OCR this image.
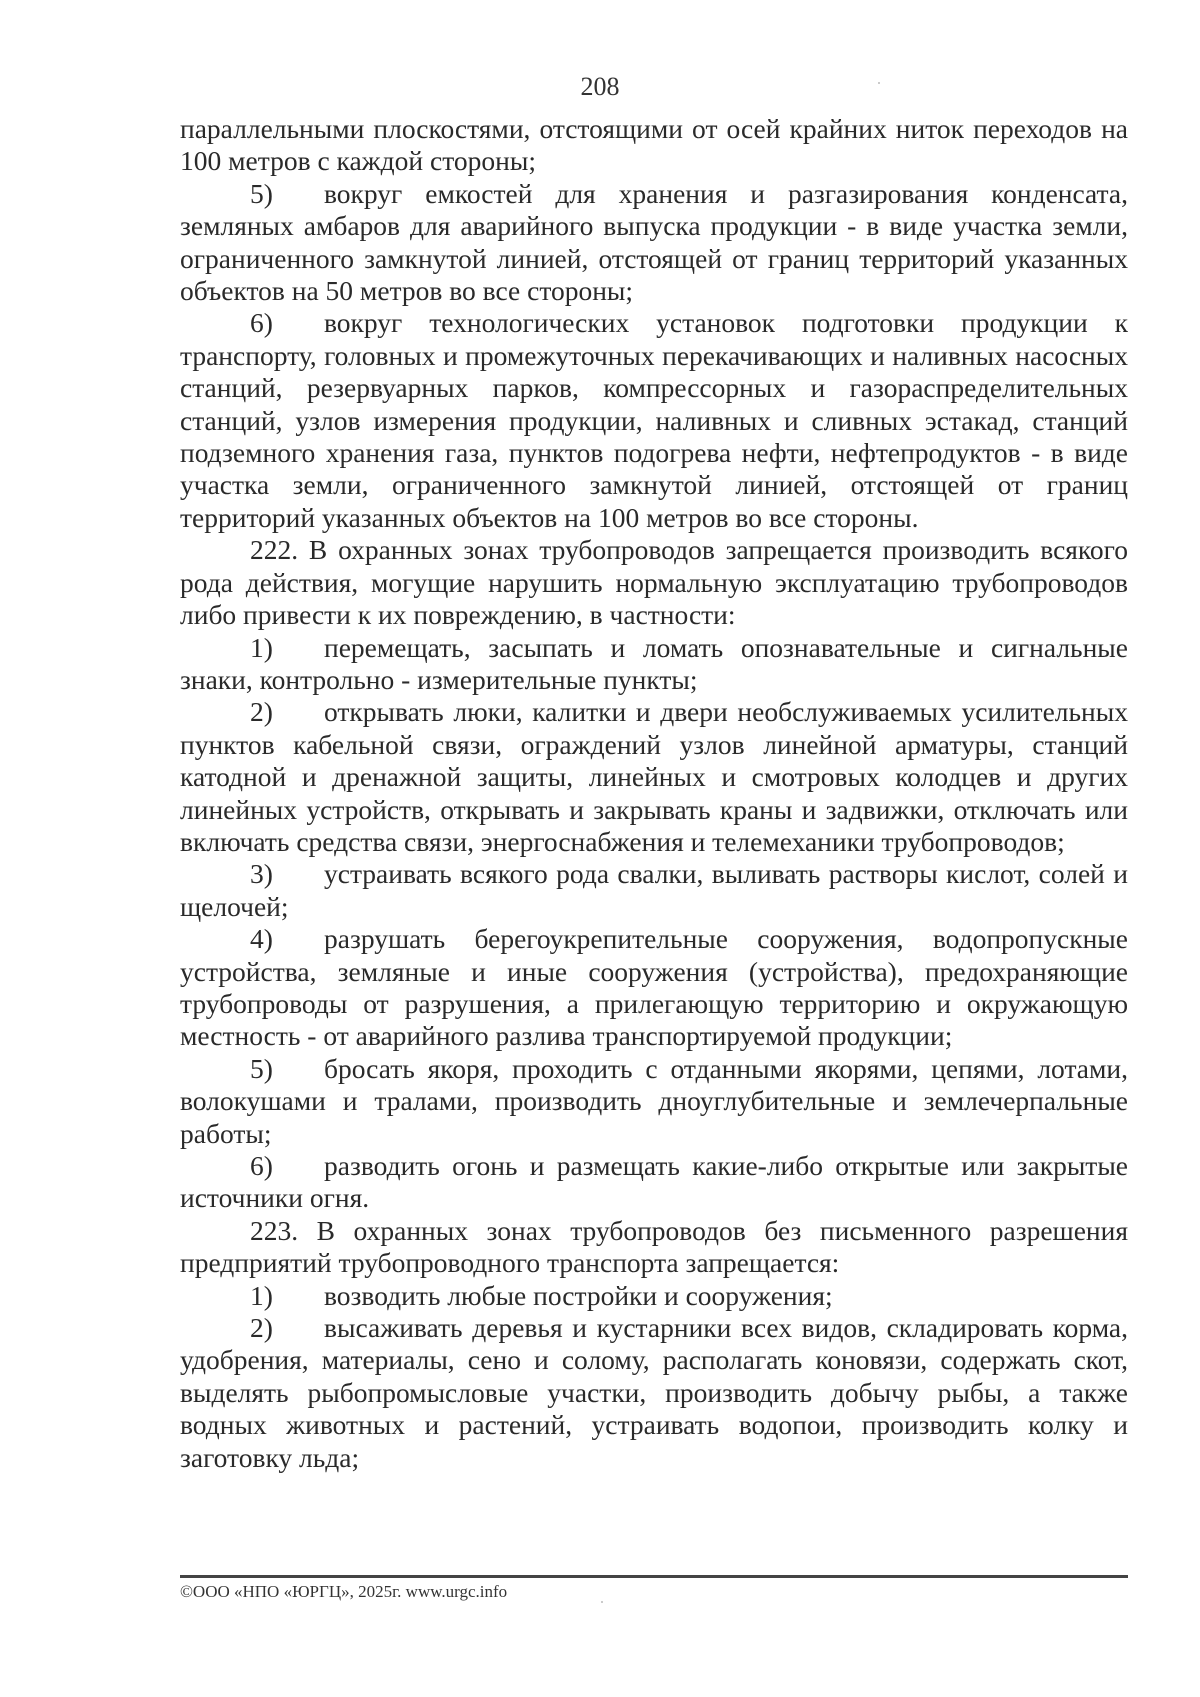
208

параллельными плоскостями, отстоящими от осей крайних ниток переходов на 100 метров с каждой стороны;

5) вокруг емкостей для хранения и разгазирования конденсата, земляных амбаров для аварийного выпуска продукции - в виде участка земли, ограниченного замкнутой линией, отстоящей от границ территорий указанных объектов на 50 метров во все стороны;

6) вокруг технологических установок подготовки продукции к транспорту, головных и промежуточных перекачивающих и наливных насосных станций, резервуарных парков, компрессорных и газораспределительных станций, узлов измерения продукции, наливных и сливных эстакад, станций подземного хранения газа, пунктов подогрева нефти, нефтепродуктов - в виде участка земли, ограниченного замкнутой линией, отстоящей от границ территорий указанных объектов на 100 метров во все стороны.

222. В охранных зонах трубопроводов запрещается производить всякого рода действия, могущие нарушить нормальную эксплуатацию трубопроводов либо привести к их повреждению, в частности:

1) перемещать, засыпать и ломать опознавательные и сигнальные знаки, контрольно - измерительные пункты;

2) открывать люки, калитки и двери необслуживаемых усилительных пунктов кабельной связи, ограждений узлов линейной арматуры, станций катодной и дренажной защиты, линейных и смотровых колодцев и других линейных устройств, открывать и закрывать краны и задвижки, отключать или включать средства связи, энергоснабжения и телемеханики трубопроводов;

3) устраивать всякого рода свалки, выливать растворы кислот, солей и щелочей;

4) разрушать берегоукрепительные сооружения, водопропускные устройства, земляные и иные сооружения (устройства), предохраняющие трубопроводы от разрушения, а прилегающую территорию и окружающую местность - от аварийного разлива транспортируемой продукции;

5) бросать якоря, проходить с отданными якорями, цепями, лотами, волокушами и тралами, производить дноуглубительные и землечерпальные работы;

6) разводить огонь и размещать какие-либо открытые или закрытые источники огня.

223. В охранных зонах трубопроводов без письменного разрешения предприятий трубопроводного транспорта запрещается:

1) возводить любые постройки и сооружения;

2) высаживать деревья и кустарники всех видов, складировать корма, удобрения, материалы, сено и солому, располагать коновязи, содержать скот, выделять рыбопромысловые участки, производить добычу рыбы, а также водных животных и растений, устраивать водопои, производить колку и заготовку льда;

©ООО «НПО «ЮРГЦ», 2025г. www.urgc.info
